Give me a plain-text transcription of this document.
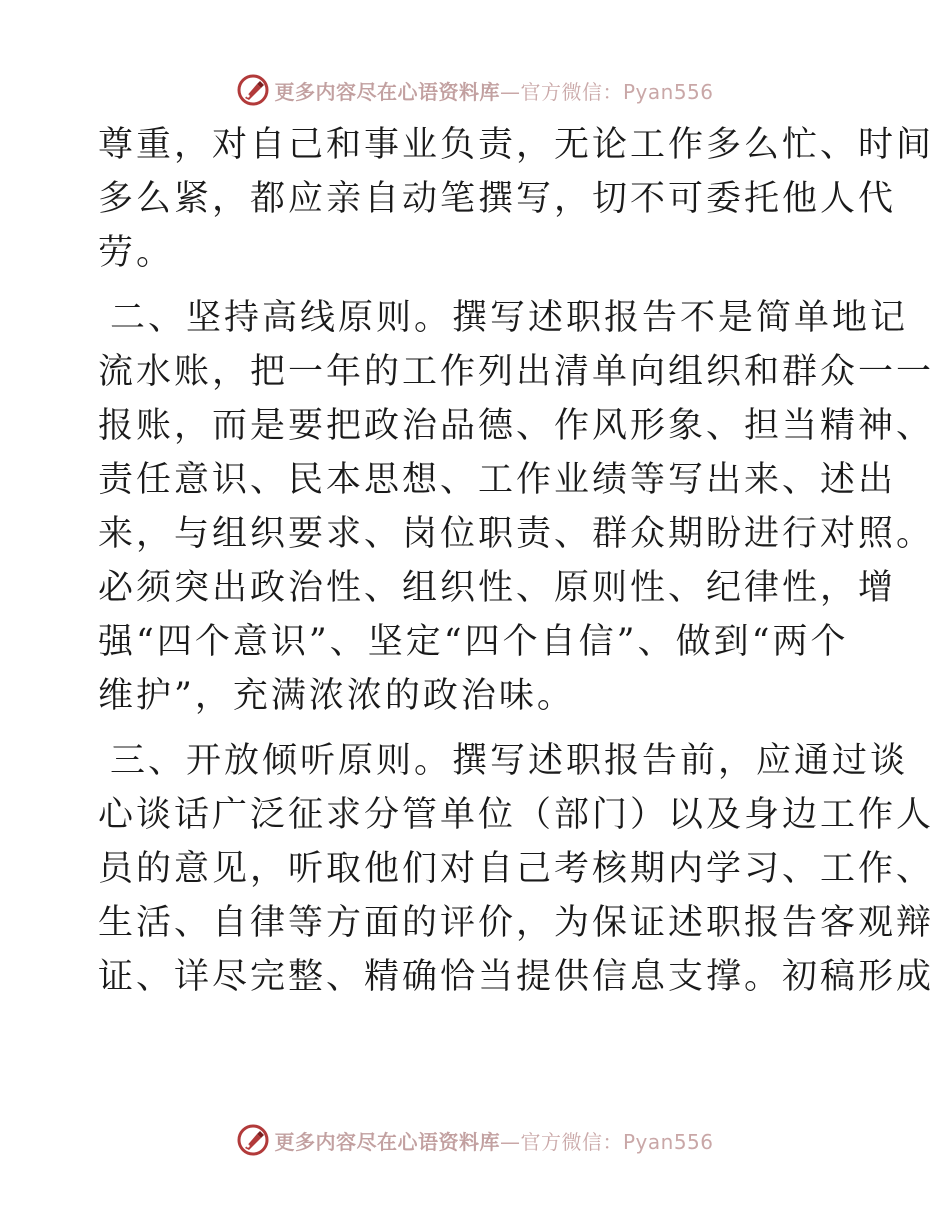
更多内容尽在心语资料库—官方微信：Pyan556

尊重，对自己和事业负责，无论工作多么忙、时间
多么紧，都应亲自动笔撰写，切不可委托他人代
劳。

二、坚持高线原则。撰写述职报告不是简单地记
流水账，把一年的工作列出清单向组织和群众一一
报账，而是要把政治品德、作风形象、担当精神、
责任意识、民本思想、工作业绩等写出来、述出
来，与组织要求、岗位职责、群众期盼进行对照。
必须突出政治性、组织性、原则性、纪律性，增
强“四个意识”、坚定“四个自信”、做到“两个
维护”，充满浓浓的政治味。

三、开放倾听原则。撰写述职报告前，应通过谈
心谈话广泛征求分管单位（部门）以及身边工作人
员的意见，听取他们对自己考核期内学习、工作、
生活、自律等方面的评价，为保证述职报告客观辩
证、详尽完整、精确恰当提供信息支撑。初稿形成

更多内容尽在心语资料库—官方微信：Pyan556
